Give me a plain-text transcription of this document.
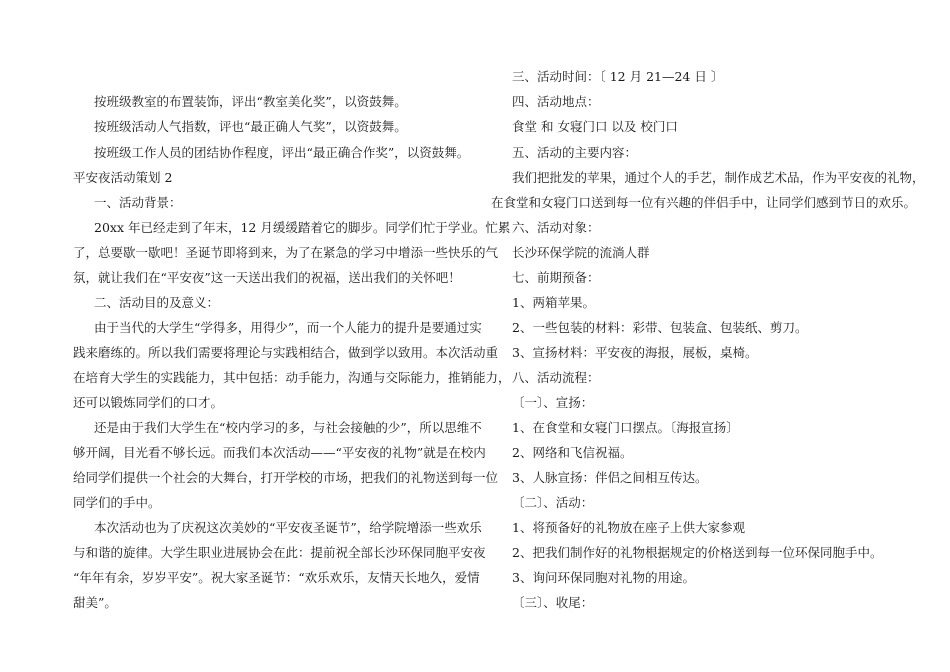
按班级教室的布置装饰，评出“教室美化奖”，以资鼓舞。
按班级活动人气指数，评也“最正确人气奖”，以资鼓舞。
按班级工作人员的团结协作程度，评出“最正确合作奖”，以资鼓舞。
平安夜活动策划 2
一、活动背景：
20xx 年已经走到了年末，12 月缓缓踏着它的脚步。同学们忙于学业。忙累
了，总要歇一歇吧！圣诞节即将到来，为了在紧急的学习中增添一些快乐的气
氛，就让我们在“平安夜”这一天送出我们的祝福，送出我们的关怀吧！
二、活动目的及意义：
由于当代的大学生“学得多，用得少”，而一个人能力的提升是要通过实
践来磨练的。所以我们需要将理论与实践相结合，做到学以致用。本次活动重
在培育大学生的实践能力，其中包括：动手能力，沟通与交际能力，推销能力，
还可以锻炼同学们的口才。
还是由于我们大学生在“校内学习的多，与社会接触的少”，所以思维不
够开阔，目光看不够长远。而我们本次活动——“平安夜的礼物”就是在校内
给同学们提供一个社会的大舞台，打开学校的市场，把我们的礼物送到每一位
同学们的手中。
本次活动也为了庆祝这次美妙的“平安夜圣诞节”，给学院增添一些欢乐
与和谐的旋律。大学生职业进展协会在此：提前祝全部长沙环保同胞平安夜
“年年有余，岁岁平安”。祝大家圣诞节：“欢乐欢乐，友情天长地久，爱情
甜美”。
三、活动时间：〔 12 月 21—24 日 〕
四、活动地点：
食堂 和 女寝门口 以及 校门口
五、活动的主要内容：
我们把批发的苹果，通过个人的手艺，制作成艺术品，作为平安夜的礼物，
在食堂和女寝门口送到每一位有兴趣的伴侣手中，让同学们感到节日的欢乐。
六、活动对象：
长沙环保学院的流淌人群
七、前期预备：
1、两箱苹果。
2、一些包装的材料：彩带、包装盒、包装纸、剪刀。
3、宣扬材料：平安夜的海报，展板，桌椅。
八、活动流程：
〔一〕、宣扬：
1、在食堂和女寝门口摆点。〔海报宣扬〕
2、网络和飞信祝福。
3、人脉宣扬：伴侣之间相互传达。
〔二〕、活动：
1、将预备好的礼物放在座子上供大家参观
2、把我们制作好的礼物根据规定的价格送到每一位环保同胞手中。
3、询问环保同胞对礼物的用途。
〔三〕、收尾：
